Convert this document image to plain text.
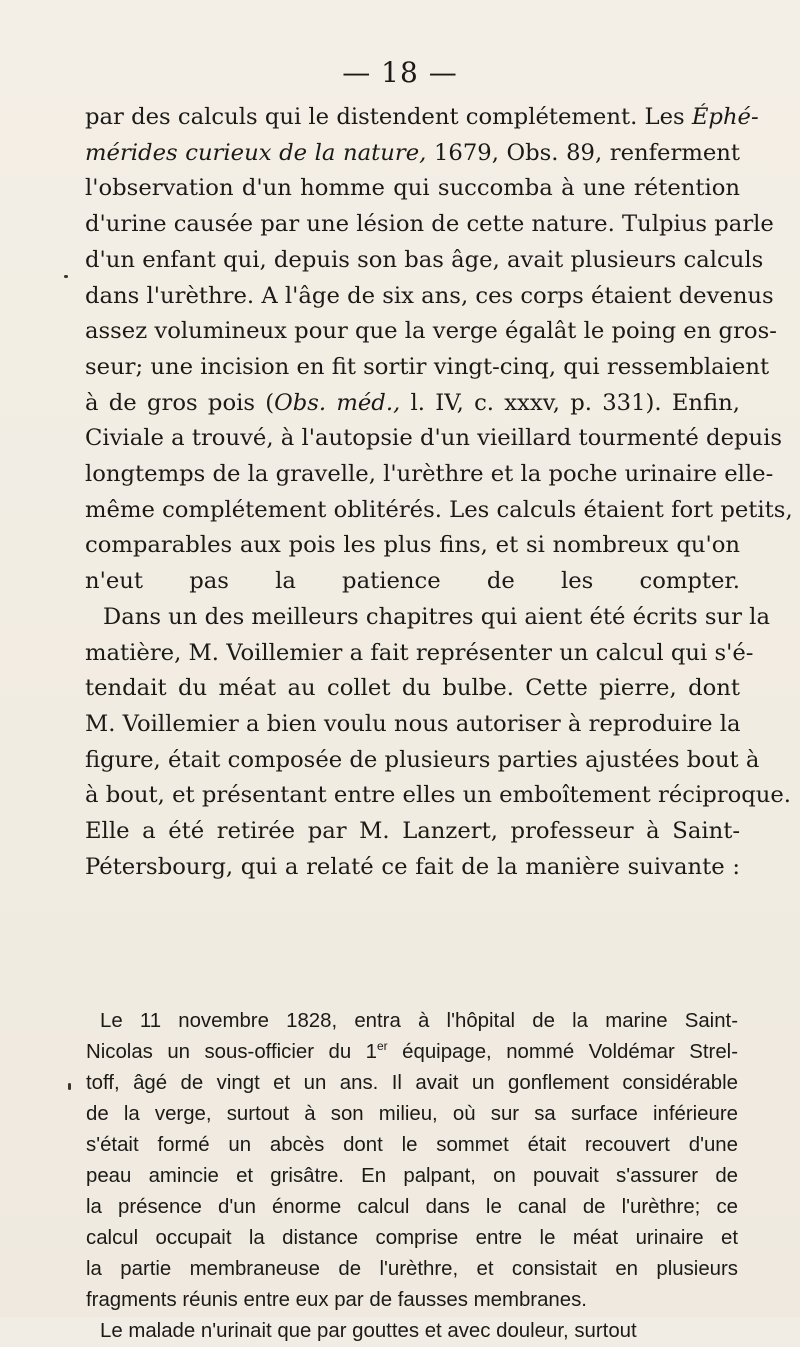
— 18 —

par des calculs qui le distendent complétement. Les Éphé-

mérides curieux de la nature, 1679, Obs. 89, renferment

l'observation d'un homme qui succomba à une rétention

d'urine causée par une lésion de cette nature. Tulpius parle

d'un enfant qui, depuis son bas âge, avait plusieurs calculs

dans l'urèthre. A l'âge de six ans, ces corps étaient devenus

assez volumineux pour que la verge égalât le poing en gros-

seur; une incision en fit sortir vingt-cinq, qui ressemblaient

à de gros pois (Obs. méd., l. IV, c. xxxv, p. 331). Enfin,

Civiale a trouvé, à l'autopsie d'un vieillard tourmenté depuis

longtemps de la gravelle, l'urèthre et la poche urinaire elle-

même complétement oblitérés. Les calculs étaient fort petits,

comparables aux pois les plus fins, et si nombreux qu'on

n'eut pas la patience de les compter.

Dans un des meilleurs chapitres qui aient été écrits sur la

matière, M. Voillemier a fait représenter un calcul qui s'é-

tendait du méat au collet du bulbe. Cette pierre, dont

M. Voillemier a bien voulu nous autoriser à reproduire la

figure, était composée de plusieurs parties ajustées bout à

à bout, et présentant entre elles un emboîtement réciproque.

Elle a été retirée par M. Lanzert, professeur à Saint-

Pétersbourg, qui a relaté ce fait de la manière suivante :

Le 11 novembre 1828, entra à l'hôpital de la marine Saint-

Nicolas un sous-officier du 1er équipage, nommé Voldémar Strel-

toff, âgé de vingt et un ans. Il avait un gonflement considérable

de la verge, surtout à son milieu, où sur sa surface inférieure

s'était formé un abcès dont le sommet était recouvert d'une

peau amincie et grisâtre. En palpant, on pouvait s'assurer de

la présence d'un énorme calcul dans le canal de l'urèthre; ce

calcul occupait la distance comprise entre le méat urinaire et

la partie membraneuse de l'urèthre, et consistait en plusieurs

fragments réunis entre eux par de fausses membranes.

Le malade n'urinait que par gouttes et avec douleur, surtout
